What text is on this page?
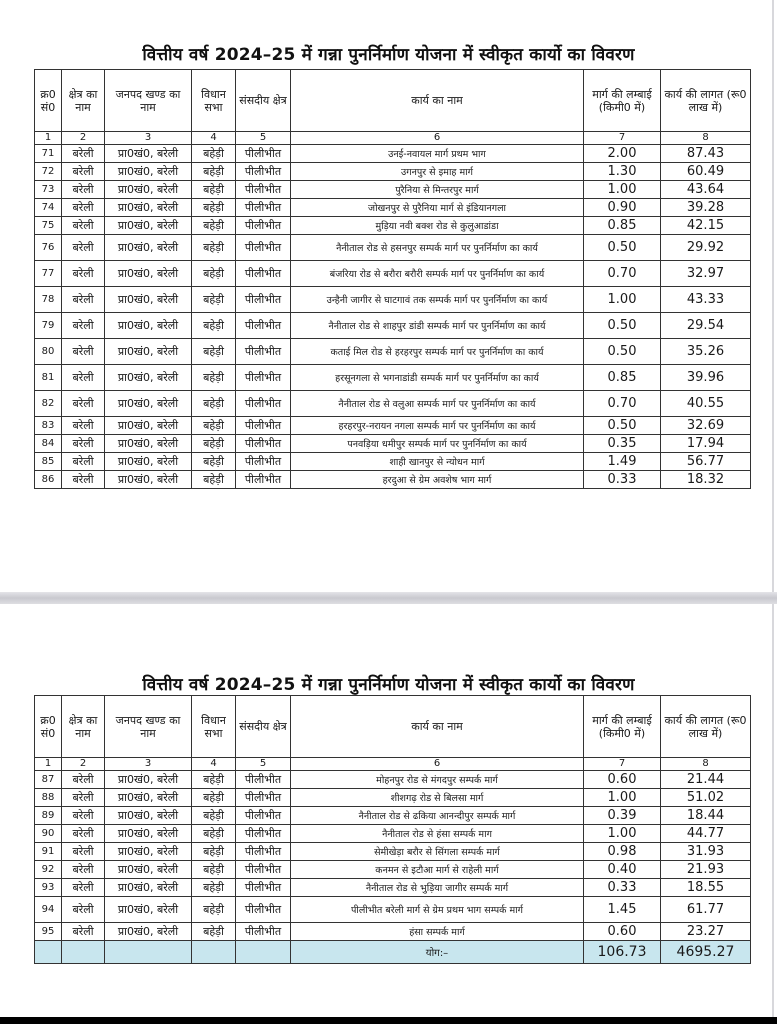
वित्तीय वर्ष 2024–25 में गन्ना पुनर्निर्माण योजना में स्वीकृत कार्यो का विवरण
क्र0 सं0	क्षेत्र का नाम	जनपद खण्ड का नाम	विधान सभा	संसदीय क्षेत्र	कार्य का नाम	मार्ग की लम्बाई (किमी0 में)	कार्य की लागत (रू0 लाख में)
1	2	3	4	5	6	7	8
71	बरेली	प्रा0खं0, बरेली	बहेड़ी	पीलीभीत	उनई-नवायल मार्ग प्रथम भाग	2.00	87.43
72	बरेली	प्रा0खं0, बरेली	बहेड़ी	पीलीभीत	उगनपुर से इमाह मार्ग	1.30	60.49
73	बरेली	प्रा0खं0, बरेली	बहेड़ी	पीलीभीत	पुरैनिया से मिन्तरपुर मार्ग	1.00	43.64
74	बरेली	प्रा0खं0, बरेली	बहेड़ी	पीलीभीत	जोखनपुर से पुरैनिया मार्ग से इंडियानगला	0.90	39.28
75	बरेली	प्रा0खं0, बरेली	बहेड़ी	पीलीभीत	मुड़िया नवी बक्श रोड से कुलुआडांडा	0.85	42.15
76	बरेली	प्रा0खं0, बरेली	बहेड़ी	पीलीभीत	नैनीताल रोड से हसनपुर सम्पर्क मार्ग पर पुनर्निर्माण का कार्य	0.50	29.92
77	बरेली	प्रा0खं0, बरेली	बहेड़ी	पीलीभीत	बंजरिया रोड से बरौरा बरौरी सम्पर्क मार्ग पर पुनर्निर्माण का कार्य	0.70	32.97
78	बरेली	प्रा0खं0, बरेली	बहेड़ी	पीलीभीत	उन्हैनी जागीर से घाटगावं तक सम्पर्क मार्ग पर पुनर्निर्माण का कार्य	1.00	43.33
79	बरेली	प्रा0खं0, बरेली	बहेड़ी	पीलीभीत	नैनीताल रोड से शाहपुर डांडी सम्पर्क मार्ग पर पुनर्निर्माण का कार्य	0.50	29.54
80	बरेली	प्रा0खं0, बरेली	बहेड़ी	पीलीभीत	कताई मिल रोड से हरहरपुर सम्पर्क मार्ग पर पुनर्निर्माण का कार्य	0.50	35.26
81	बरेली	प्रा0खं0, बरेली	बहेड़ी	पीलीभीत	हरसूनगला से भगनाडांडी सम्पर्क मार्ग पर पुनर्निर्माण का कार्य	0.85	39.96
82	बरेली	प्रा0खं0, बरेली	बहेड़ी	पीलीभीत	नैनीताल रोड से वलुआ सम्पर्क मार्ग पर पुनर्निर्माण का कार्य	0.70	40.55
83	बरेली	प्रा0खं0, बरेली	बहेड़ी	पीलीभीत	हरहरपुर-नरायन नगला सम्पर्क मार्ग पर पुनर्निर्माण का कार्य	0.50	32.69
84	बरेली	प्रा0खं0, बरेली	बहेड़ी	पीलीभीत	पनवड़िया धमीपुर सम्पर्क मार्ग पर पुनर्निर्माण का कार्य	0.35	17.94
85	बरेली	प्रा0खं0, बरेली	बहेड़ी	पीलीभीत	शाही खानपुर से न्योधन मार्ग	1.49	56.77
86	बरेली	प्रा0खं0, बरेली	बहेड़ी	पीलीभीत	हरदुआ से ग्रेम अवशेष भाग मार्ग	0.33	18.32
वित्तीय वर्ष 2024–25 में गन्ना पुनर्निर्माण योजना में स्वीकृत कार्यो का विवरण
क्र0 सं0	क्षेत्र का नाम	जनपद खण्ड का नाम	विधान सभा	संसदीय क्षेत्र	कार्य का नाम	मार्ग की लम्बाई (किमी0 में)	कार्य की लागत (रू0 लाख में)
1	2	3	4	5	6	7	8
87	बरेली	प्रा0खं0, बरेली	बहेड़ी	पीलीभीत	मोहनपुर रोड से मंगदपुर सम्पर्क मार्ग	0.60	21.44
88	बरेली	प्रा0खं0, बरेली	बहेड़ी	पीलीभीत	शीशगढ़ रोड से बिलसा मार्ग	1.00	51.02
89	बरेली	प्रा0खं0, बरेली	बहेड़ी	पीलीभीत	नैनीताल रोड से ढकिया आनन्दीपुर सम्पर्क मार्ग	0.39	18.44
90	बरेली	प्रा0खं0, बरेली	बहेड़ी	पीलीभीत	नैनीताल रोड से हंसा सम्पर्क माग	1.00	44.77
91	बरेली	प्रा0खं0, बरेली	बहेड़ी	पीलीभीत	सेमीखेड़ा बरौर से सिंगला सम्पर्क मार्ग	0.98	31.93
92	बरेली	प्रा0खं0, बरेली	बहेड़ी	पीलीभीत	कनमन से इटौआ मार्ग से राहेली मार्ग	0.40	21.93
93	बरेली	प्रा0खं0, बरेली	बहेड़ी	पीलीभीत	नैनीताल रोड से भुड़िया जागीर सम्पर्क मार्ग	0.33	18.55
94	बरेली	प्रा0खं0, बरेली	बहेड़ी	पीलीभीत	पीलीभीत बरेली मार्ग से ग्रेम प्रथम भाग सम्पर्क मार्ग	1.45	61.77
95	बरेली	प्रा0खं0, बरेली	बहेड़ी	पीलीभीत	हंसा सम्पर्क मार्ग	0.60	23.27
					योग:–	106.73	4695.27
